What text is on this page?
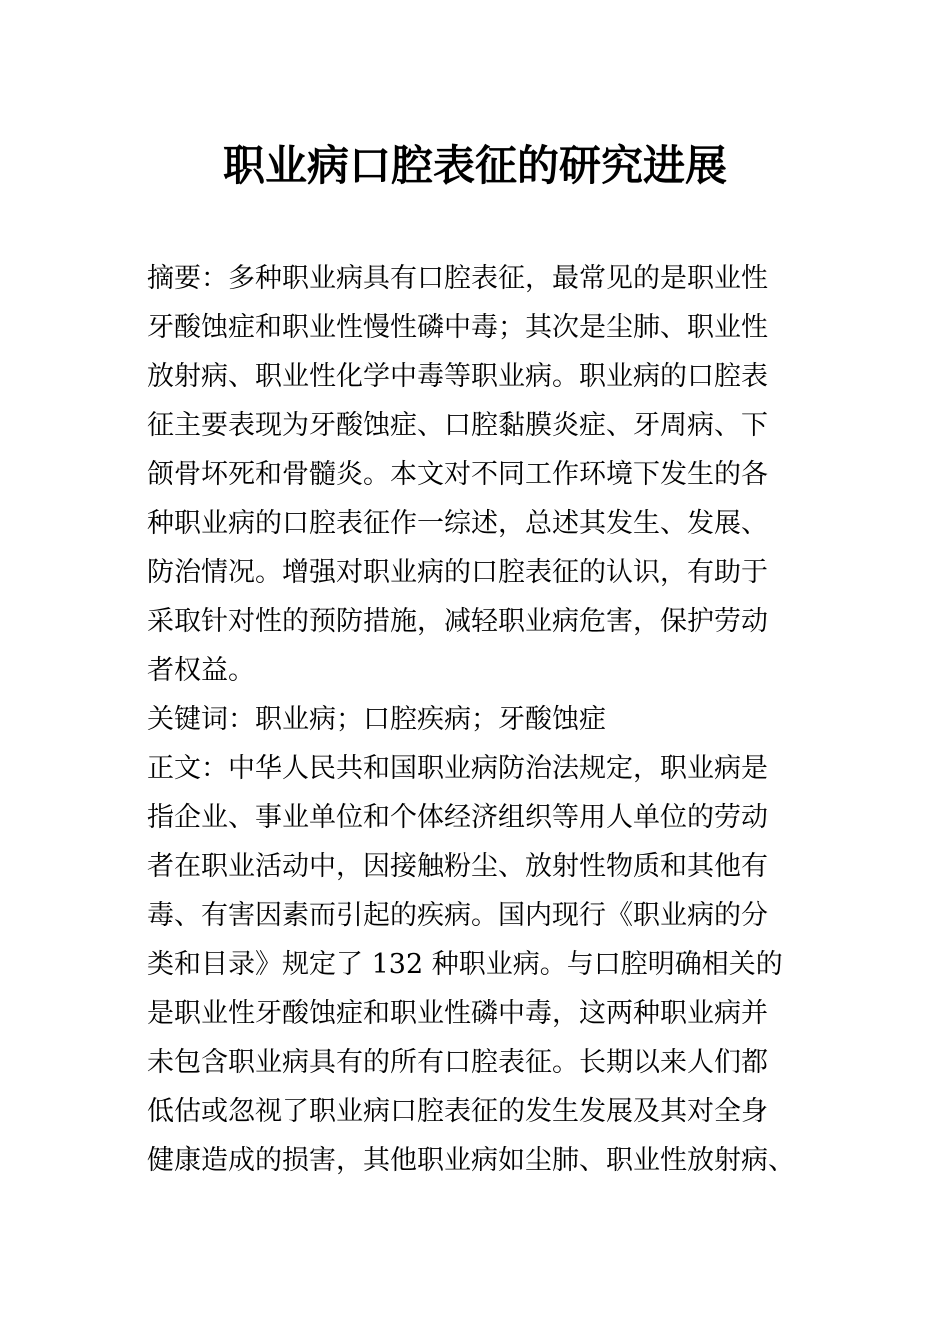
职业病口腔表征的研究进展
摘要：多种职业病具有口腔表征，最常见的是职业性
牙酸蚀症和职业性慢性磷中毒；其次是尘肺、职业性
放射病、职业性化学中毒等职业病。职业病的口腔表
征主要表现为牙酸蚀症、口腔黏膜炎症、牙周病、下
颌骨坏死和骨髓炎。本文对不同工作环境下发生的各
种职业病的口腔表征作一综述，总述其发生、发展、
防治情况。增强对职业病的口腔表征的认识，有助于
采取针对性的预防措施，减轻职业病危害，保护劳动
者权益。
关键词：职业病；口腔疾病；牙酸蚀症
正文：中华人民共和国职业病防治法规定，职业病是
指企业、事业单位和个体经济组织等用人单位的劳动
者在职业活动中，因接触粉尘、放射性物质和其他有
毒、有害因素而引起的疾病。国内现行《职业病的分
类和目录》规定了 132 种职业病。与口腔明确相关的
是职业性牙酸蚀症和职业性磷中毒，这两种职业病并
未包含职业病具有的所有口腔表征。长期以来人们都
低估或忽视了职业病口腔表征的发生发展及其对全身
健康造成的损害，其他职业病如尘肺、职业性放射病、
